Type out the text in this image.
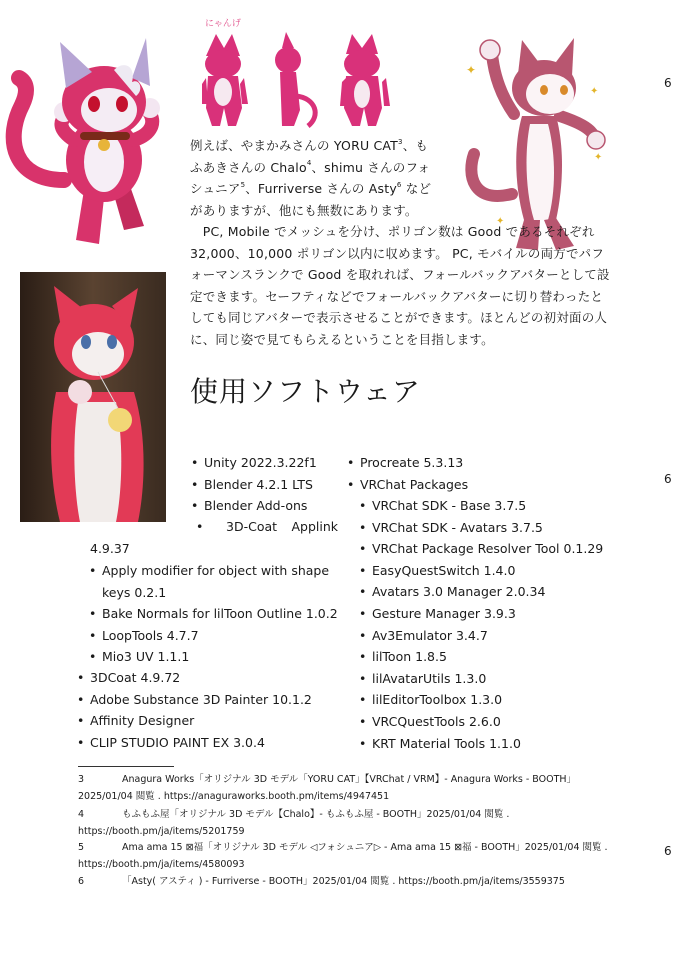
にゃんげ
✦
✦
✦
✦
6
6
6
例えば、やまかみさんの YORU CAT$^3$、もふあきさんの Chalo$^4$、shimu さんのフォシュニア$^5$、Furriverse さんの Asty$^6$ などがありますが、他にも無数にあります。
　PC, Mobile でメッシュを分け、ポリゴン数は Good であるそれぞれ 32,000、10,000 ポリゴン以内に収めます。 PC, モバイルの両方でパフォーマンスランクで Good を取れれば、フォールバックアバターとして設定できます。セーフティなどでフォールバックアバターに切り替わったとしても同じアバターで表示させることができます。ほとんどの初対面の人に、同じ姿で見てもらえるということを目指します。
使用ソフトウェア
• Unity 2022.3.22f1
• Blender 4.2.1 LTS
• Blender Add-ons
•	3D-Coat Applink 4.9.37
• Apply modifier for object with shape keys 0.2.1
• Bake Normals for lilToon Outline 1.0.2
• LoopTools 4.7.7
• Mio3 UV 1.1.1
• 3DCoat 4.9.72
• Adobe Substance 3D Painter 10.1.2
• Affinity Designer
• CLIP STUDIO PAINT EX 3.0.4
• Procreate 5.3.13
• VRChat Packages
• VRChat SDK - Base 3.7.5
• VRChat SDK - Avatars 3.7.5
• VRChat Package Resolver Tool 0.1.29
• EasyQuestSwitch 1.4.0
• Avatars 3.0 Manager 2.0.34
• Gesture Manager 3.9.3
• Av3Emulator 3.4.7
• lilToon 1.8.5
• lilAvatarUtils 1.3.0
• lilEditorToolbox 1.3.0
• VRCQuestTools 2.6.0
• KRT Material Tools 1.1.0
3	Anagura Works「オリジナル 3D モデル「YORU CAT」【VRChat / VRM】- Anagura Works - BOOTH」 2025/01/04 閲覧 . https://anaguraworks.booth.pm/items/4947451
4	もふもふ屋「オリジナル 3D モデル【Chalo】- もふもふ屋 - BOOTH」2025/01/04 閲覧 . https://booth.pm/ja/items/5201759
5	Ama ama 15 ⊠福「オリジナル 3D モデル ◁フォシュニア▷ - Ama ama 15 ⊠福 - BOOTH」2025/01/04 閲覧 . https://booth.pm/ja/items/4580093
6	「Asty( アスティ ) - Furriverse - BOOTH」2025/01/04 閲覧 . https://booth.pm/ja/items/3559375
